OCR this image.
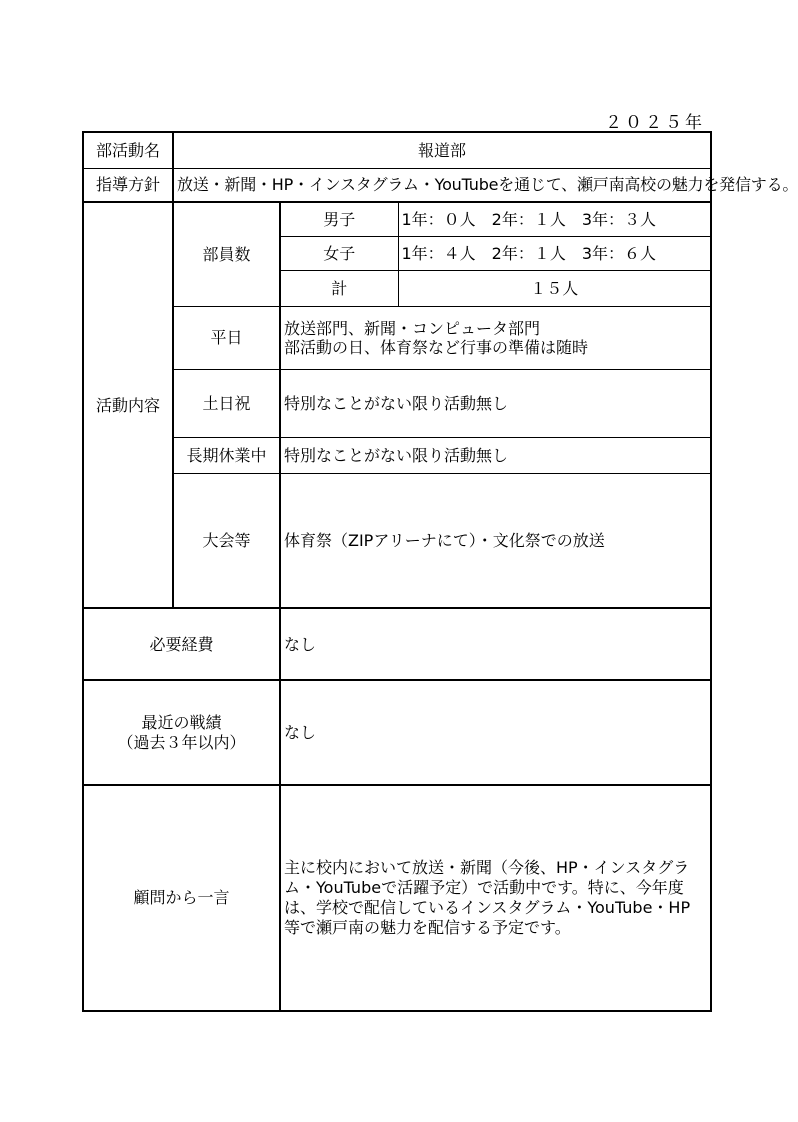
２０２５年
部活動名	報道部		
指導方針	放送・新聞・HP・インスタグラム・YouTubeを通じて、瀬戸南高校の魅力を発信する。		
活動内容	部員数	男子	1年：０人　2年：１人　3年：３人
		女子	1年：４人　2年：１人　3年：６人
		計	１５人
	平日	放送部門、新聞・コンピュータ部門
部活動の日、体育祭など行事の準備は随時	
	土日祝	特別なことがない限り活動無し	
	長期休業中	特別なことがない限り活動無し	
	大会等	体育祭（ZIPアリーナにて）・文化祭での放送	
必要経費		なし	
最近の戦績
（過去３年以内）		なし	
顧問から一言		主に校内において放送・新聞（今後、HP・インスタグラム・YouTubeで活躍予定）で活動中です。特に、今年度は、学校で配信しているインスタグラム・YouTube・HP等で瀬戸南の魅力を配信する予定です。	
